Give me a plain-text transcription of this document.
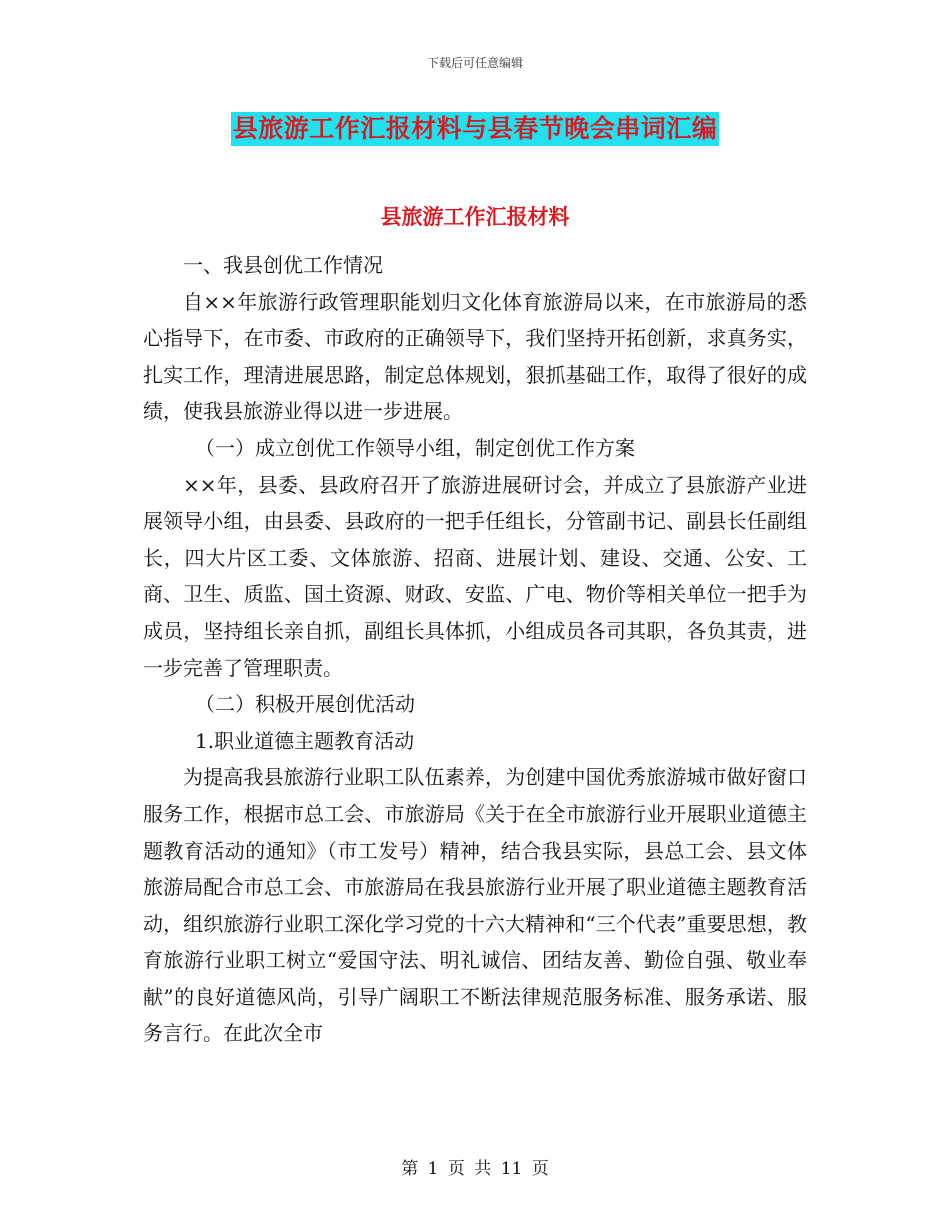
下载后可任意编辑
县旅游工作汇报材料与县春节晚会串词汇编
县旅游工作汇报材料

一、我县创优工作情况

自××年旅游行政管理职能划归文化体育旅游局以来，在市旅游局的悉心指导下，在市委、市政府的正确领导下，我们坚持开拓创新，求真务实，扎实工作，理清进展思路，制定总体规划，狠抓基础工作，取得了很好的成绩，使我县旅游业得以进一步进展。

（一）成立创优工作领导小组，制定创优工作方案

××年，县委、县政府召开了旅游进展研讨会，并成立了县旅游产业进展领导小组，由县委、县政府的一把手任组长，分管副书记、副县长任副组长，四大片区工委、文体旅游、招商、进展计划、建设、交通、公安、工商、卫生、质监、国土资源、财政、安监、广电、物价等相关单位一把手为成员，坚持组长亲自抓，副组长具体抓，小组成员各司其职，各负其责，进一步完善了管理职责。

（二）积极开展创优活动

1.职业道德主题教育活动

为提高我县旅游行业职工队伍素养，为创建中国优秀旅游城市做好窗口服务工作，根据市总工会、市旅游局《关于在全市旅游行业开展职业道德主题教育活动的通知》（市工发号）精神，结合我县实际，县总工会、县文体旅游局配合市总工会、市旅游局在我县旅游行业开展了职业道德主题教育活动，组织旅游行业职工深化学习党的十六大精神和“三个代表”重要思想，教育旅游行业职工树立“爱国守法、明礼诚信、团结友善、勤俭自强、敬业奉献”的良好道德风尚，引导广阔职工不断法律规范服务标准、服务承诺、服务言行。在此次全市

第 1 页 共 11 页
